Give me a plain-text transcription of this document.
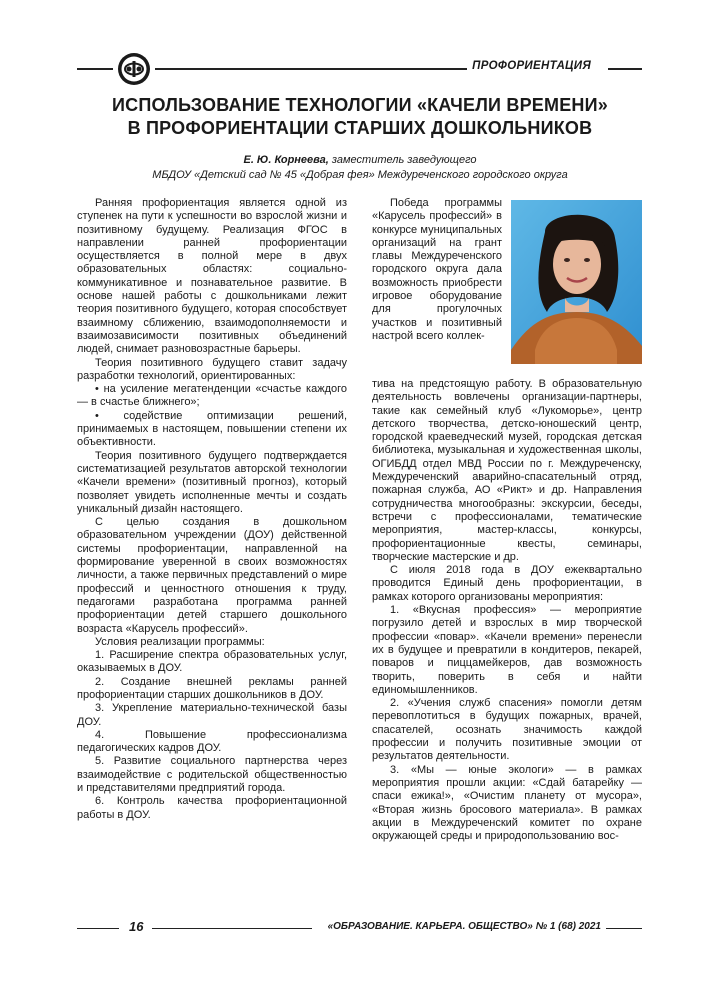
ПРОФОРИЕНТАЦИЯ
ИСПОЛЬЗОВАНИЕ ТЕХНОЛОГИИ «КАЧЕЛИ ВРЕМЕНИ»
В ПРОФОРИЕНТАЦИИ СТАРШИХ ДОШКОЛЬНИКОВ
Е. Ю. Корнеева, заместитель заведующего
МБДОУ «Детский сад № 45 «Добрая фея» Междуреченского городского округа

Ранняя профориентация является одной из ступенек на пути к успешности во взрослой жизни и позитивному будущему. Реализация ФГОС в направлении ранней профориентации осуществляется в полной мере в двух образовательных областях: социально-коммуникативное и познавательное развитие. В основе нашей работы с дошкольниками лежит теория позитивного будущего, которая способствует взаимному сближению, взаимодополняемости и взаимозависимости позитивных объединений людей, снимает разновозрастные барьеры.

Теория позитивного будущего ставит задачу разработки технологий, ориентированных:

• на усиление мегатенденции «счастье каждого — в счастье ближнего»;

• содействие оптимизации решений, принимаемых в настоящем, повышении степени их объективности.

Теория позитивного будущего подтверждается систематизацией результатов авторской технологии «Качели времени» (позитивный прогноз), который позволяет увидеть исполненные мечты и создать уникальный дизайн настоящего.

С целью создания в дошкольном образовательном учреждении (ДОУ) действенной системы профориентации, направленной на формирование уверенной в своих возможностях личности, а также первичных представлений о мире профессий и ценностного отношения к труду, педагогами разработана программа ранней профориентации детей старшего дошкольного возраста «Карусель профессий».

Условия реализации программы:

1. Расширение спектра образовательных услуг, оказываемых в ДОУ.

2. Создание внешней рекламы ранней профориентации старших дошкольников в ДОУ.

3. Укрепление материально-технической базы ДОУ.

4. Повышение профессионализма педагогических кадров ДОУ.

5. Развитие социального партнерства через взаимодействие с родительской общественностью и представителями предприятий города.

6. Контроль качества профориентационной работы в ДОУ.

Победа программы «Карусель профессий» в конкурсе муниципальных организаций на грант главы Междуреченского городского округа дала возможность приобрести игровое оборудование для прогулочных участков и позитивный настрой всего коллек-

тива на предстоящую работу. В образовательную деятельность вовлечены организации-партнеры, такие как семейный клуб «Лукоморье», центр детского творчества, детско-юношеский центр, городской краеведческий музей, городская детская библиотека, музыкальная и художественная школы, ОГИБДД отдел МВД России по г. Междуреченску, Междуреченский аварийно-спасательный отряд, пожарная служба, АО «Рикт» и др. Направления сотрудничества многообразны: экскурсии, беседы, встречи с профессионалами, тематические мероприятия, мастер-классы, конкурсы, профориентационные квесты, семинары, творческие мастерские и др.

С июля 2018 года в ДОУ ежеквартально проводится Единый день профориентации, в рамках которого организованы мероприятия:

1. «Вкусная профессия» — мероприятие погрузило детей и взрослых в мир творческой профессии «повар». «Качели времени» перенесли их в будущее и превратили в кондитеров, пекарей, поваров и пиццамейкеров, дав возможность творить, поверить в себя и найти единомышленников.

2. «Учения служб спасения» помогли детям перевоплотиться в будущих пожарных, врачей, спасателей, осознать значимость каждой профессии и получить позитивные эмоции от результатов деятельности.

3. «Мы — юные экологи» — в рамках мероприятия прошли акции: «Сдай батарейку — спаси ежика!», «Очистим планету от мусора», «Вторая жизнь бросового материала». В рамках акции в Междуреченский комитет по охране окружающей среды и природопользованию вос-

16	«ОБРАЗОВАНИЕ. КАРЬЕРА. ОБЩЕСТВО» № 1 (68) 2021
